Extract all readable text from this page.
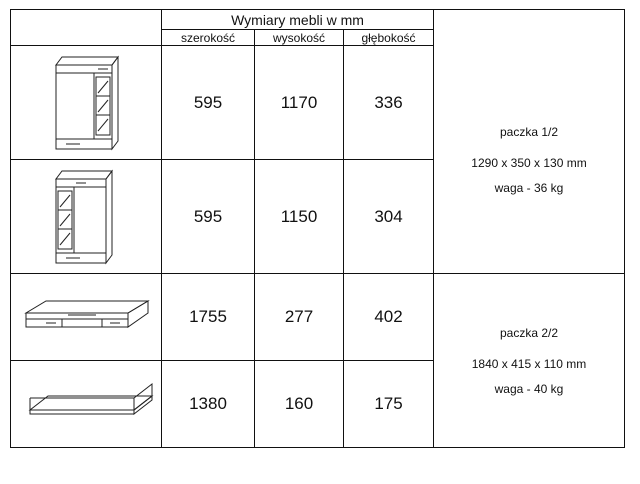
Wymiary mebli w mm
szerokość	wysokość	głębokość
595	1170	336
595	1150	304
1755	277	402
1380	160	175
paczka 1/2
1290 x 350 x 130 mm
waga - 36 kg
paczka 2/2
1840 x 415 x 110 mm
waga - 40 kg
